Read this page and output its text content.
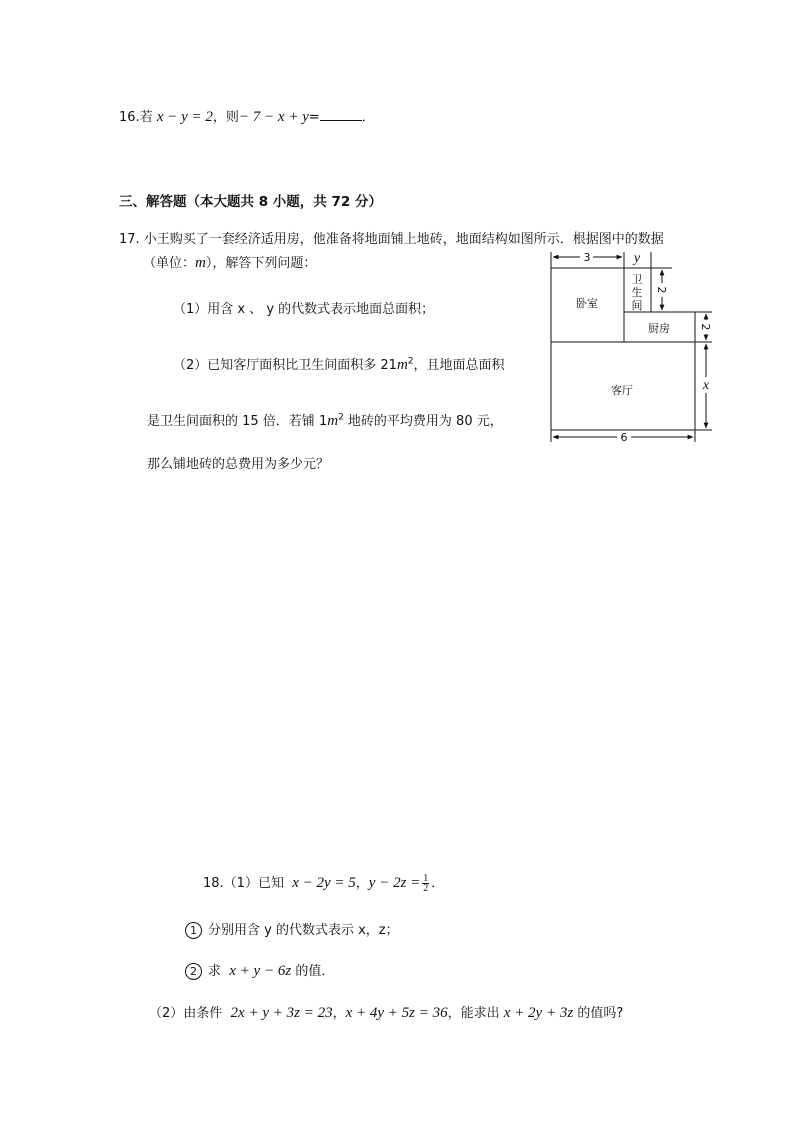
16.若 x − y = 2，则− 7 − x + y=	．
三、解答题（本大题共 8 小题，共 72 分）
17. 小王购买了一套经济适用房，他准备将地面铺上地砖，地面结构如图所示．根据图中的数据
（单位：m），解答下列问题：
（1）用含 x 、 y 的代数式表示地面总面积；
（2）已知客厅面积比卫生间面积多 $21m^2$，且地面总面积
是卫生间面积的 15 倍．若铺 $1m^2$ 地砖的平均费用为 80 元，
那么铺地砖的总费用为多少元？
卧室
卫
生
间
厨房
客厅
3	y
2
2
x
6
18.（1）已知 x − 2y = 5，$y - 2z = \frac{1}{2}$ ．
1 分别用含 y 的代数式表示 x，z；
2 求 x + y − 6z 的值．
（2）由条件 2x + y + 3z = 23，x + 4y + 5z = 36，能求出 x + 2y + 3z 的值吗?
